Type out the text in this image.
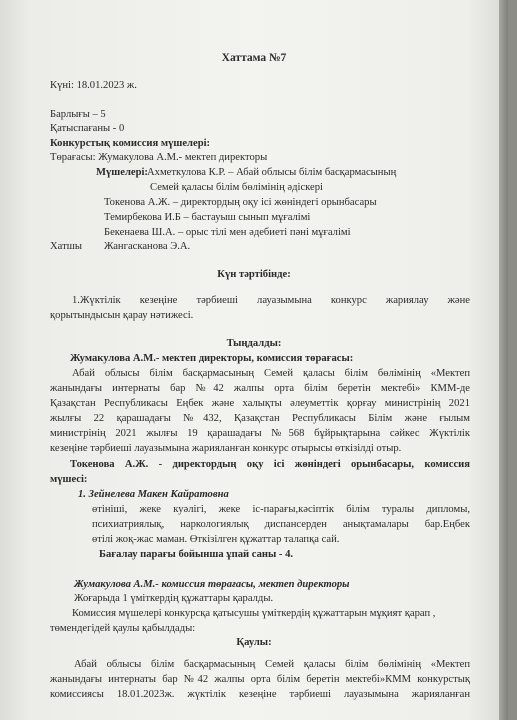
Хаттама №7
Күні: 18.01.2023 ж.
Барлығы – 5
Қатыспағаны - 0
Конкурстық комиссия мүшелері:
Төрағасы: Жумакулова А.М.- мектеп директоры
Мүшелері: Ахметкулова К.Р. – Абай облысы білім басқармасының
Семей қаласы білім бөлімінің әдіскері
Токенова А.Ж. – директордың оқу ісі жөніндегі орынбасары
Темирбекова И.Б – бастауыш сынып мұғалімі
Бекенаева Ш.А. – орыс тілі мен әдебиеті пәні мұғалімі
Хатшы Жангасканова Э.А.
Күн тәртібінде:
1.Жүктілік кезеңіне тәрбиеші лауазымына конкурс жариялау және
қорытындысын қарау нәтижесі.
Тыңдалды:
Жумакулова А.М.- мектеп директоры, комиссия төрағасы:
Абай облысы білім басқармасының Семей қаласы білім бөлімінің «Мектеп
жанындағы интернаты бар №42 жалпы орта білім беретін мектебі» КММ-де
Қазақстан Республикасы Еңбек және халықты әлеуметтік қорғау министрінің 2021
жылғы 22 қарашадағы №432, Қазақстан Республикасы Білім және ғылым
министрінің 2021 жылғы 19 қарашадағы №568 бұйрықтарына сәйкес Жүктілік
кезеңіне тәрбиеші лауазымына жарияланған конкурс отырысы өткізілді отыр.
Токенова А.Ж. - директордың оқу ісі жөніндегі орынбасары, комиссия
мүшесі:
1. Зейнелева Макен Кайратовна
өтініші, жеке куәлігі, жеке іс-парағы,кәсіптік білім туралы дипломы,
психиатриялық, наркологиялық диспансерден анықтамалары бар.Еңбек
өтілі жоқ-жас маман. Өткізілген құжаттар талапқа сай.
Бағалау парағы бойынша ұпай саны - 4.
Жумакулова А.М.- комиссия төрағасы, мектеп директоры
Жоғарыда 1 үміткердің құжаттары қаралды.
Комиссия мүшелері конкурсқа қатысушы үміткердің құжаттарын мұқият қарап ,
төмендегідей қаулы қабылдады:
Қаулы:
Абай облысы білім басқармасының Семей қаласы білім бөлімінің «Мектеп
жанындағы интернаты бар №42 жалпы орта білім беретін мектебі»КММ конкурстық
комиссиясы 18.01.2023ж. жүктілік кезеңіне тәрбиеші лауазымына жарияланған
